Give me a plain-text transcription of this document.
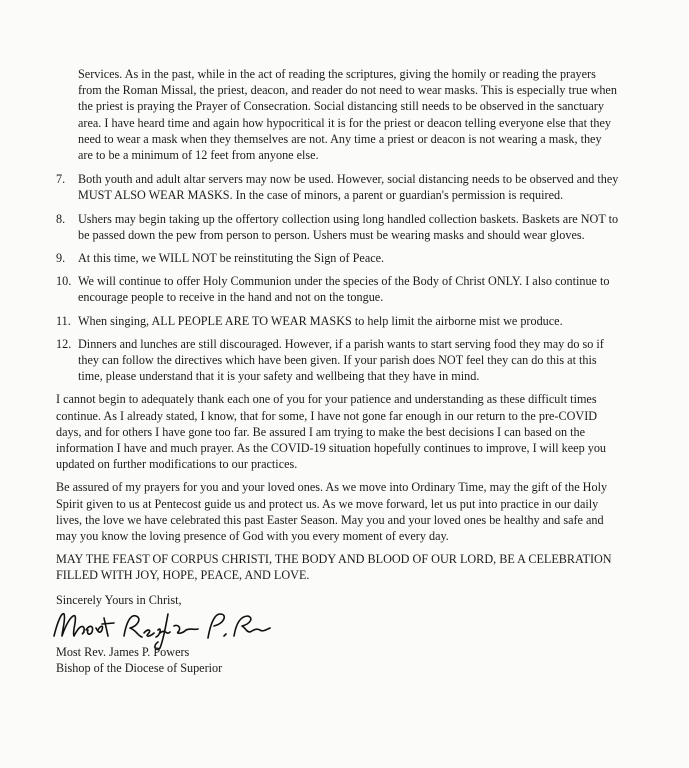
Services. As in the past, while in the act of reading the scriptures, giving the homily or reading the prayers from the Roman Missal, the priest, deacon, and reader do not need to wear masks. This is especially true when the priest is praying the Prayer of Consecration. Social distancing still needs to be observed in the sanctuary area. I have heard time and again how hypocritical it is for the priest or deacon telling everyone else that they need to wear a mask when they themselves are not. Any time a priest or deacon is not wearing a mask, they are to be a minimum of 12 feet from anyone else.

7.	Both youth and adult altar servers may now be used. However, social distancing needs to be observed and they MUST ALSO WEAR MASKS. In the case of minors, a parent or guardian's permission is required.
8.	Ushers may begin taking up the offertory collection using long handled collection baskets. Baskets are NOT to be passed down the pew from person to person. Ushers must be wearing masks and should wear gloves.
9.	At this time, we WILL NOT be reinstituting the Sign of Peace.
10. We will continue to offer Holy Communion under the species of the Body of Christ ONLY. I also continue to encourage people to receive in the hand and not on the tongue.
11. When singing, ALL PEOPLE ARE TO WEAR MASKS to help limit the airborne mist we produce.
12. Dinners and lunches are still discouraged. However, if a parish wants to start serving food they may do so if they can follow the directives which have been given. If your parish does NOT feel they can do this at this time, please understand that it is your safety and wellbeing that they have in mind.

I cannot begin to adequately thank each one of you for your patience and understanding as these difficult times continue. As I already stated, I know, that for some, I have not gone far enough in our return to the pre-COVID days, and for others I have gone too far. Be assured I am trying to make the best decisions I can based on the information I have and much prayer. As the COVID-19 situation hopefully continues to improve, I will keep you updated on further modifications to our practices.

Be assured of my prayers for you and your loved ones. As we move into Ordinary Time, may the gift of the Holy Spirit given to us at Pentecost guide us and protect us. As we move forward, let us put into practice in our daily lives, the love we have celebrated this past Easter Season. May you and your loved ones be healthy and safe and may you know the loving presence of God with you every moment of every day.

MAY THE FEAST OF CORPUS CHRISTI, THE BODY AND BLOOD OF OUR LORD, BE A CELEBRATION FILLED WITH JOY, HOPE, PEACE, AND LOVE.

Sincerely Yours in Christ,

Most Rev. James P. Powers
Bishop of the Diocese of Superior
